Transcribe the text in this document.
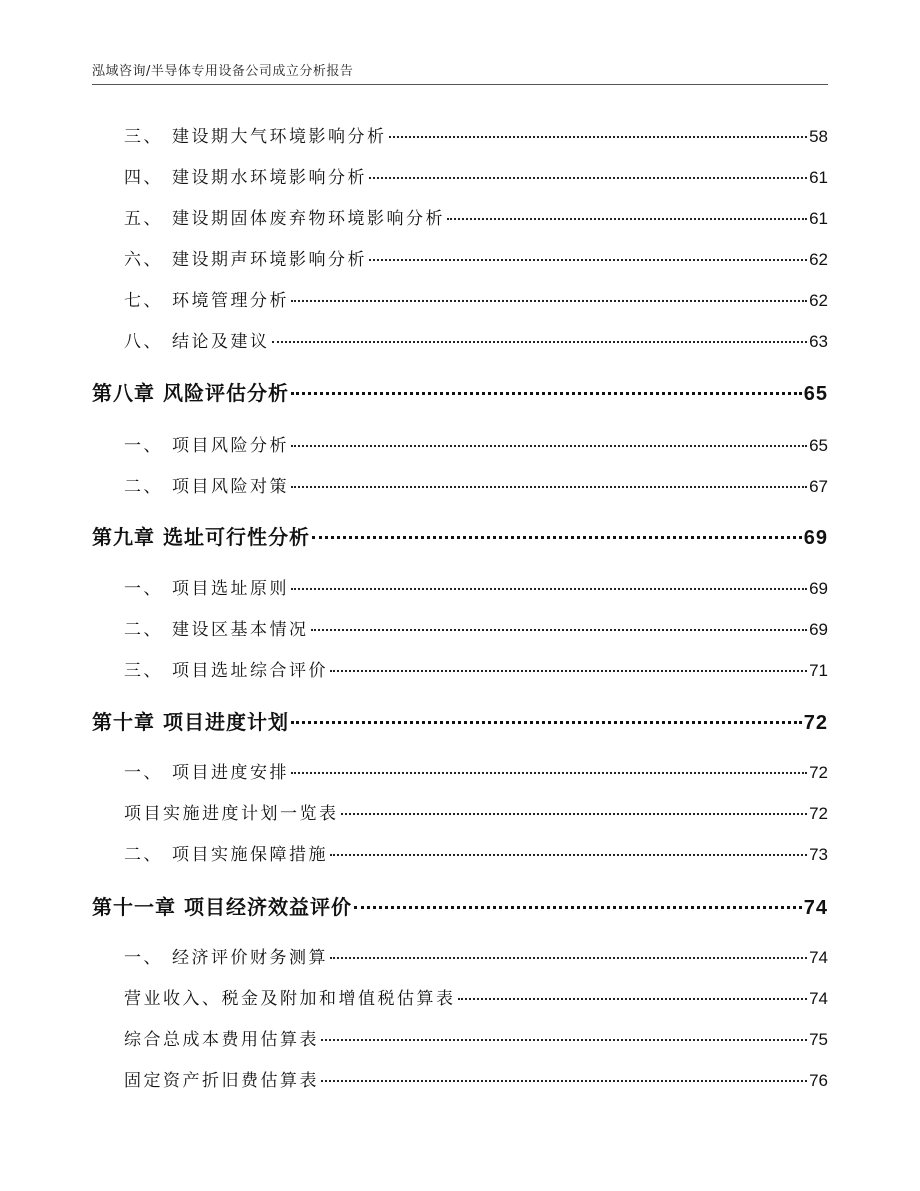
泓域咨询/半导体专用设备公司成立分析报告
三、 建设期大气环境影响分析	58
四、 建设期水环境影响分析	61
五、 建设期固体废弃物环境影响分析	61
六、 建设期声环境影响分析	62
七、 环境管理分析	62
八、 结论及建议	63
第八章 风险评估分析	65
一、 项目风险分析	65
二、 项目风险对策	67
第九章 选址可行性分析	69
一、 项目选址原则	69
二、 建设区基本情况	69
三、 项目选址综合评价	71
第十章 项目进度计划	72
一、 项目进度安排	72
项目实施进度计划一览表	72
二、 项目实施保障措施	73
第十一章 项目经济效益评价	74
一、 经济评价财务测算	74
营业收入、税金及附加和增值税估算表	74
综合总成本费用估算表	75
固定资产折旧费估算表	76
